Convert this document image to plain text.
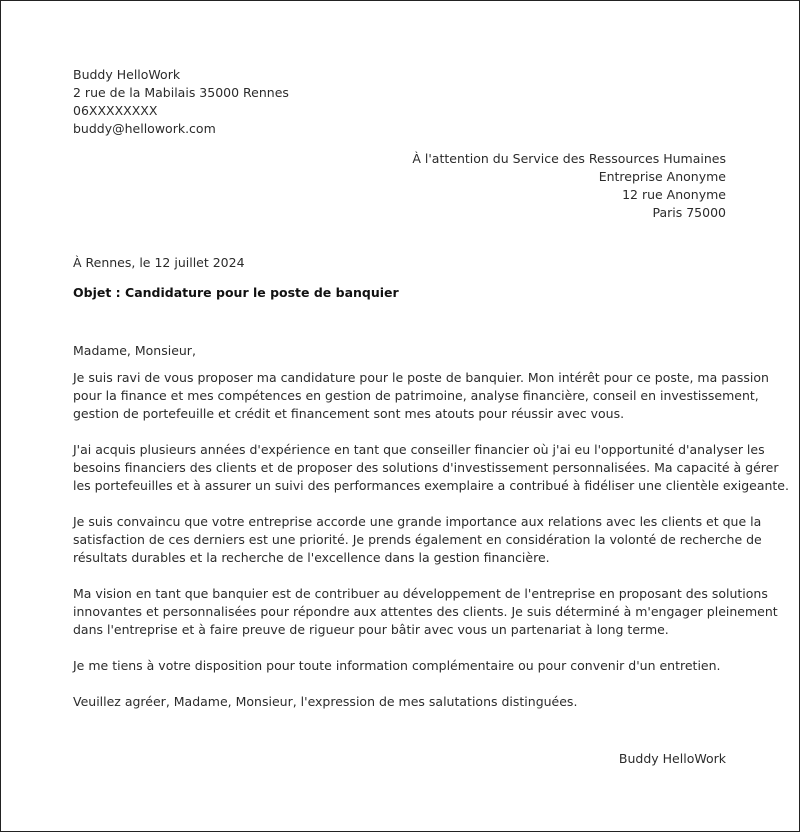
Buddy HelloWork
2 rue de la Mabilais 35000 Rennes
06XXXXXXXX
buddy@hellowork.com
À l'attention du Service des Ressources Humaines
Entreprise Anonyme
12 rue Anonyme
Paris 75000
À Rennes, le 12 juillet 2024
Objet : Candidature pour le poste de banquier

Madame, Monsieur,

Je suis ravi de vous proposer ma candidature pour le poste de banquier. Mon intérêt pour ce poste, ma passion
pour la finance et mes compétences en gestion de patrimoine, analyse financière, conseil en investissement,
gestion de portefeuille et crédit et financement sont mes atouts pour réussir avec vous.

J'ai acquis plusieurs années d'expérience en tant que conseiller financier où j'ai eu l'opportunité d'analyser les
besoins financiers des clients et de proposer des solutions d'investissement personnalisées. Ma capacité à gérer
les portefeuilles et à assurer un suivi des performances exemplaire a contribué à fidéliser une clientèle exigeante.

Je suis convaincu que votre entreprise accorde une grande importance aux relations avec les clients et que la
satisfaction de ces derniers est une priorité. Je prends également en considération la volonté de recherche de
résultats durables et la recherche de l'excellence dans la gestion financière.

Ma vision en tant que banquier est de contribuer au développement de l'entreprise en proposant des solutions
innovantes et personnalisées pour répondre aux attentes des clients. Je suis déterminé à m'engager pleinement
dans l'entreprise et à faire preuve de rigueur pour bâtir avec vous un partenariat à long terme.

Je me tiens à votre disposition pour toute information complémentaire ou pour convenir d'un entretien.

Veuillez agréer, Madame, Monsieur, l'expression de mes salutations distinguées.

Buddy HelloWork
